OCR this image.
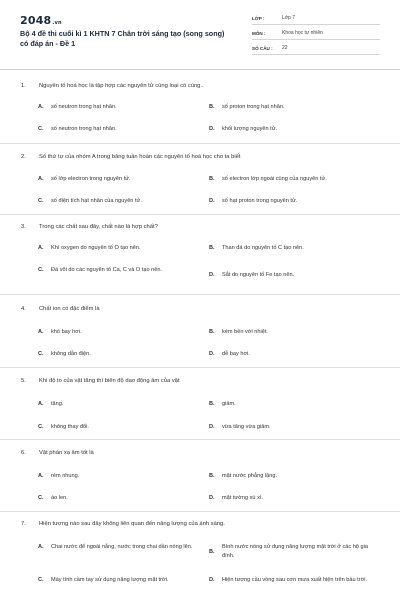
2048.vn
Bộ 4 đề thi cuối kì 1 KHTN 7 Chân trời sáng tạo (song song) có đáp án - Đề 1
LỚP :	Lớp 7
MÔN :	Khoa học tự nhiên
SỐ CÂU :	22
1. Nguyên tố hoá học là tập hợp các nguyên tử cùng loại có cùng..
A.	số neutron trong hạt nhân.	B.	số proton trong hạt nhân.
C.	số neutron trong hạt nhân.	D.	khối lượng nguyên tử.
2. Số thứ tự của nhóm A trong bảng tuần hoàn các nguyên tố hoá học cho ta biết
A.	số lớp electron trong nguyên tử.	B.	số electron lớp ngoài cùng của nguyên tử.
C.	số điện tích hạt nhân của nguyên tử.	D.	số hạt proton trong nguyên tử.
3. Trong các chất sau đây, chất nào là hợp chất?
A.	Khí oxygen do nguyên tố O tạo nên.	B.	Than đá do nguyên tố C tạo nên.
C.	Đá vôi do các nguyên tố Ca, C và O tạo nên.
D.	Sắt do nguyên tố Fe tạo nên.
4. Chất ion có đặc điểm là
A.	khó bay hơi.	B.	kém bền với nhiệt.
C.	không dẫn điện.	D.	dễ bay hơi.
5. Khi độ to của vật tăng thì biên độ dao động âm của vật
A.	tăng.	B.	giảm.
C.	không thay đổi.	D.	vừa tăng vừa giảm.
6. Vật phản xạ âm tốt là
A.	rèm nhung.	B.	mặt nước phẳng lặng.
C.	áo len.	D.	mặt tường xù xì.
7. Hiện tượng nào sau đây không liên quan đến năng lượng của ánh sáng.
A.	Chai nước để ngoài nắng, nước trong chai dần nóng lên.
B.
Bình nước nóng sử dụng năng lượng mặt trời ở các hộ gia đình.
C.	Máy tính cầm tay sử dụng năng lượng mặt trời.	D.	Hiện tượng cầu vồng sau cơn mưa xuất hiện trên bầu trời.
